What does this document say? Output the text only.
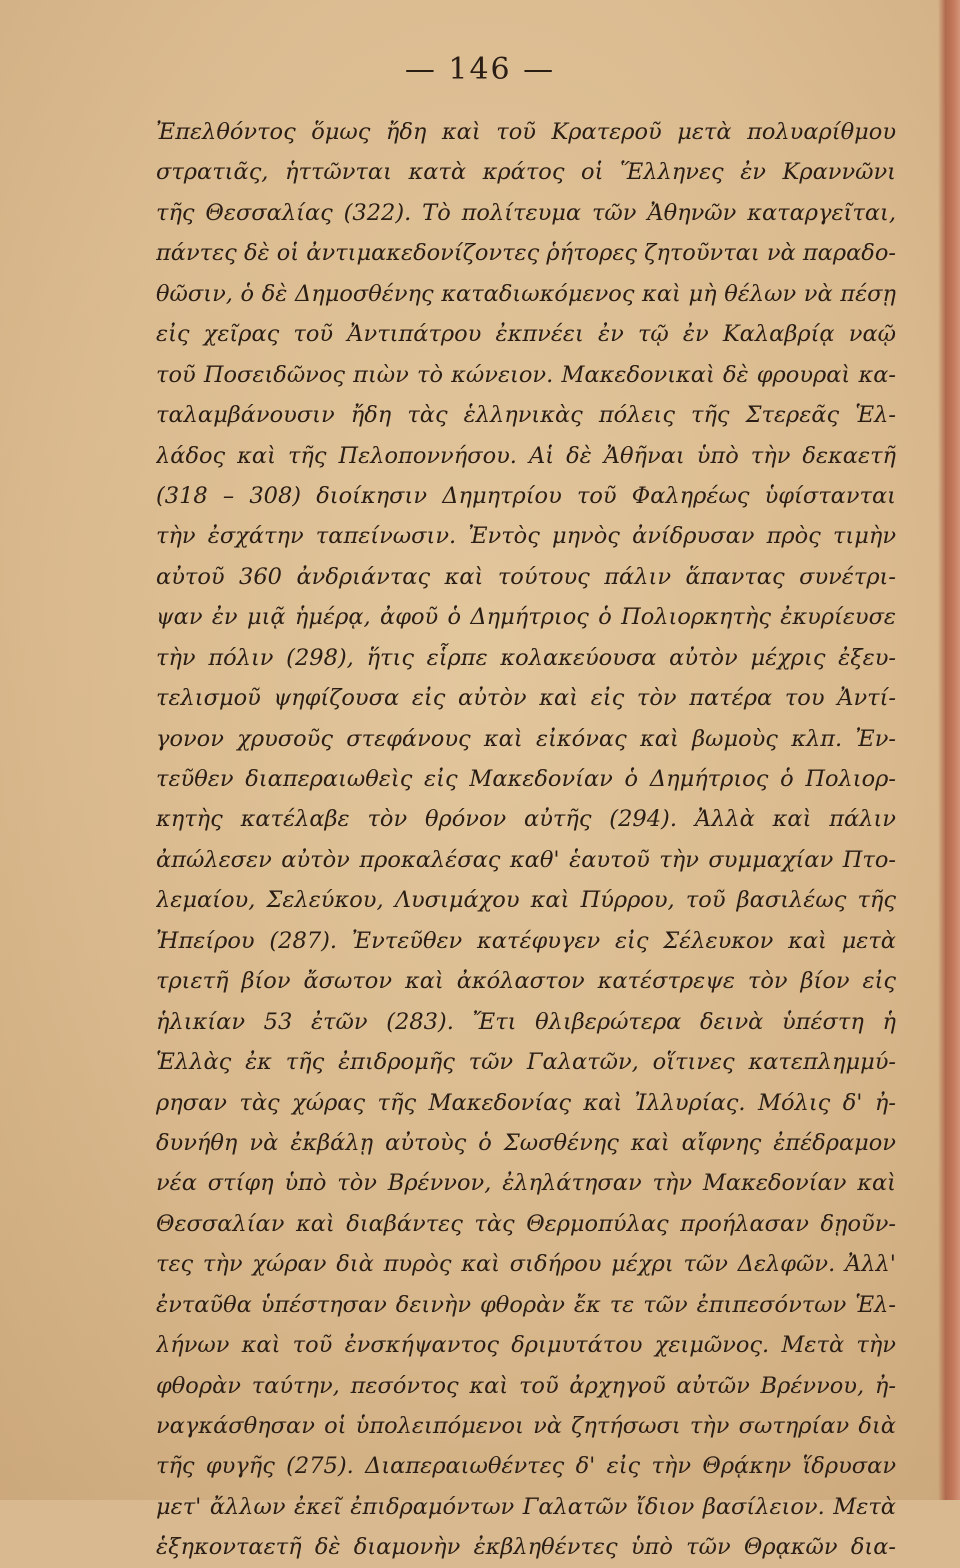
— 146 —
Ἐπελθόντος ὅμως ἤδη καὶ τοῦ Κρατεροῦ μετὰ πολυαρίθμου
στρατιᾶς, ἡττῶνται κατὰ κράτος οἱ Ἕλληνες ἐν Κραννῶνι
τῆς Θεσσαλίας (322). Τὸ πολίτευμα τῶν Ἀθηνῶν καταργεῖται,
πάντες δὲ οἱ ἀντιμακεδονίζοντες ῥήτορες ζητοῦνται νὰ παραδο-
θῶσιν, ὁ δὲ Δημοσθένης καταδιωκόμενος καὶ μὴ θέλων νὰ πέσῃ
εἰς χεῖρας τοῦ Ἀντιπάτρου ἐκπνέει ἐν τῷ ἐν Καλαβρίᾳ ναῷ
τοῦ Ποσειδῶνος πιὼν τὸ κώνειον. Μακεδονικαὶ δὲ φρουραὶ κα-
ταλαμβάνουσιν ἤδη τὰς ἑλληνικὰς πόλεις τῆς Στερεᾶς Ἑλ-
λάδος καὶ τῆς Πελοποννήσου. Αἱ δὲ Ἀθῆναι ὑπὸ τὴν δεκαετῆ
(318 – 308) διοίκησιν Δημητρίου τοῦ Φαληρέως ὑφίστανται
τὴν ἐσχάτην ταπείνωσιν. Ἐντὸς μηνὸς ἀνίδρυσαν πρὸς τιμὴν
αὐτοῦ 360 ἀνδριάντας καὶ τούτους πάλιν ἅπαντας συνέτρι-
ψαν ἐν μιᾷ ἡμέρᾳ, ἀφοῦ ὁ Δημήτριος ὁ Πολιορκητὴς ἐκυρίευσε
τὴν πόλιν (298), ἥτις εἷρπε κολακεύουσα αὐτὸν μέχρις ἐξευ-
τελισμοῦ ψηφίζουσα εἰς αὐτὸν καὶ εἰς τὸν πατέρα του Ἀντί-
γονον χρυσοῦς στεφάνους καὶ εἰκόνας καὶ βωμοὺς κλπ. Ἐν-
τεῦθεν διαπεραιωθεὶς εἰς Μακεδονίαν ὁ Δημήτριος ὁ Πολιορ-
κητὴς κατέλαβε τὸν θρόνον αὐτῆς (294). Ἀλλὰ καὶ πάλιν
ἀπώλεσεν αὐτὸν προκαλέσας καθ' ἑαυτοῦ τὴν συμμαχίαν Πτο-
λεμαίου, Σελεύκου, Λυσιμάχου καὶ Πύρρου, τοῦ βασιλέως τῆς
Ἠπείρου (287). Ἐντεῦθεν κατέφυγεν εἰς Σέλευκον καὶ μετὰ
τριετῆ βίον ἄσωτον καὶ ἀκόλαστον κατέστρεψε τὸν βίον εἰς
ἡλικίαν 53 ἐτῶν (283). Ἔτι θλιβερώτερα δεινὰ ὑπέστη ἡ
Ἑλλὰς ἐκ τῆς ἐπιδρομῆς τῶν Γαλατῶν, οἵτινες κατεπλημμύ-
ρησαν τὰς χώρας τῆς Μακεδονίας καὶ Ἰλλυρίας. Μόλις δ' ἠ-
δυνήθη νὰ ἐκβάλῃ αὐτοὺς ὁ Σωσθένης καὶ αἴφνης ἐπέδραμον
νέα στίφη ὑπὸ τὸν Βρέννον, ἐληλάτησαν τὴν Μακεδονίαν καὶ
Θεσσαλίαν καὶ διαβάντες τὰς Θερμοπύλας προήλασαν δῃοῦν-
τες τὴν χώραν διὰ πυρὸς καὶ σιδήρου μέχρι τῶν Δελφῶν. Ἀλλ'
ἐνταῦθα ὑπέστησαν δεινὴν φθορὰν ἔκ τε τῶν ἐπιπεσόντων Ἑλ-
λήνων καὶ τοῦ ἐνσκήψαντος δριμυτάτου χειμῶνος. Μετὰ τὴν
φθορὰν ταύτην, πεσόντος καὶ τοῦ ἀρχηγοῦ αὐτῶν Βρέννου, ἠ-
ναγκάσθησαν οἱ ὑπολειπόμενοι νὰ ζητήσωσι τὴν σωτηρίαν διὰ
τῆς φυγῆς (275). Διαπεραιωθέντες δ' εἰς τὴν Θρᾴκην ἵδρυσαν
μετ' ἄλλων ἐκεῖ ἐπιδραμόντων Γαλατῶν ἴδιον βασίλειον. Μετὰ
ἑξηκονταετῆ δὲ διαμονὴν ἐκβληθέντες ὑπὸ τῶν Θρᾳκῶν δια-
